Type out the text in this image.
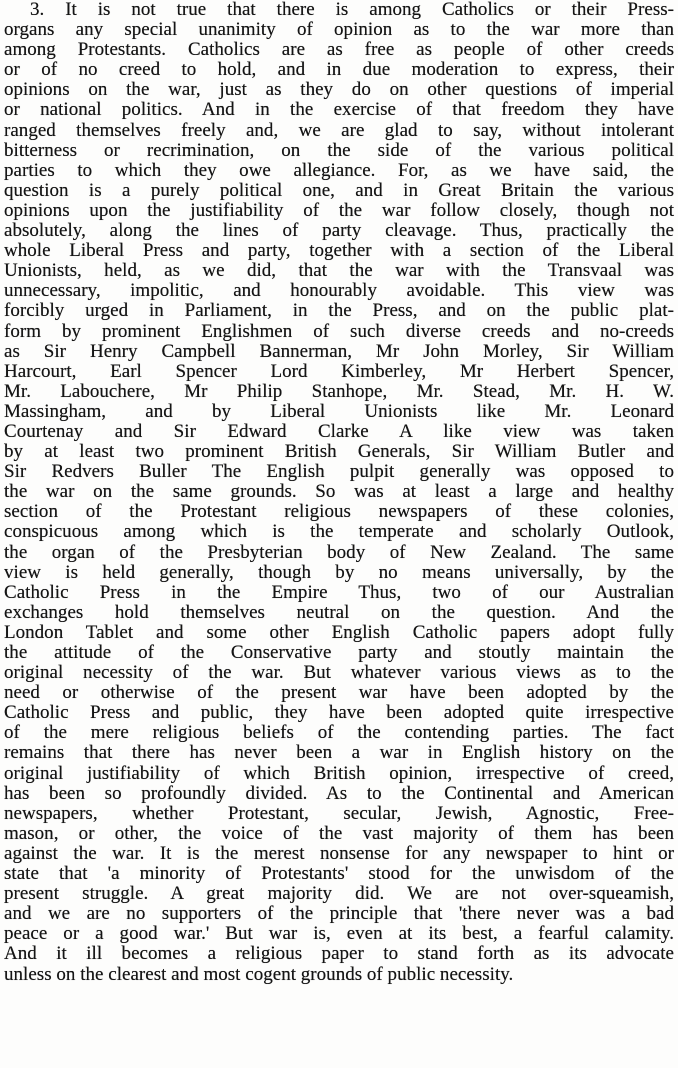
3. It is not true that there is among Catholics or their Press-
organs any special unanimity of opinion as to the war more than
among Protestants. Catholics are as free as people of other creeds
or of no creed to hold, and in due moderation to express, their
opinions on the war, just as they do on other questions of imperial
or national politics. And in the exercise of that freedom they have
ranged themselves freely and, we are glad to say, without intolerant
bitterness or recrimination, on the side of the various political
parties to which they owe allegiance. For, as we have said, the
question is a purely political one, and in Great Britain the various
opinions upon the justifiability of the war follow closely, though not
absolutely, along the lines of party cleavage. Thus, practically the
whole Liberal Press and party, together with a section of the Liberal
Unionists, held, as we did, that the war with the Transvaal was
unnecessary, impolitic, and honourably avoidable. This view was
forcibly urged in Parliament, in the Press, and on the public plat-
form by prominent Englishmen of such diverse creeds and no-creeds
as Sir Henry Campbell Bannerman, Mr John Morley, Sir William
Harcourt, Earl Spencer Lord Kimberley, Mr Herbert Spencer,
Mr. Labouchere, Mr Philip Stanhope, Mr. Stead, Mr. H. W.
Massingham, and by Liberal Unionists like Mr. Leonard
Courtenay and Sir Edward Clarke A like view was taken
by at least two prominent British Generals, Sir William Butler and
Sir Redvers Buller The English pulpit generally was opposed to
the war on the same grounds. So was at least a large and healthy
section of the Protestant religious newspapers of these colonies,
conspicuous among which is the temperate and scholarly Outlook,
the organ of the Presbyterian body of New Zealand. The same
view is held generally, though by no means universally, by the
Catholic Press in the Empire Thus, two of our Australian
exchanges hold themselves neutral on the question. And the
London Tablet and some other English Catholic papers adopt fully
the attitude of the Conservative party and stoutly maintain the
original necessity of the war. But whatever various views as to the
need or otherwise of the present war have been adopted by the
Catholic Press and public, they have been adopted quite irrespective
of the mere religious beliefs of the contending parties. The fact
remains that there has never been a war in English history on the
original justifiability of which British opinion, irrespective of creed,
has been so profoundly divided. As to the Continental and American
newspapers, whether Protestant, secular, Jewish, Agnostic, Free-
mason, or other, the voice of the vast majority of them has been
against the war. It is the merest nonsense for any newspaper to hint or
state that 'a minority of Protestants' stood for the unwisdom of the
present struggle. A great majority did. We are not over-squeamish,
and we are no supporters of the principle that 'there never was a bad
peace or a good war.' But war is, even at its best, a fearful calamity.
And it ill becomes a religious paper to stand forth as its advocate
unless on the clearest and most cogent grounds of public necessity.
